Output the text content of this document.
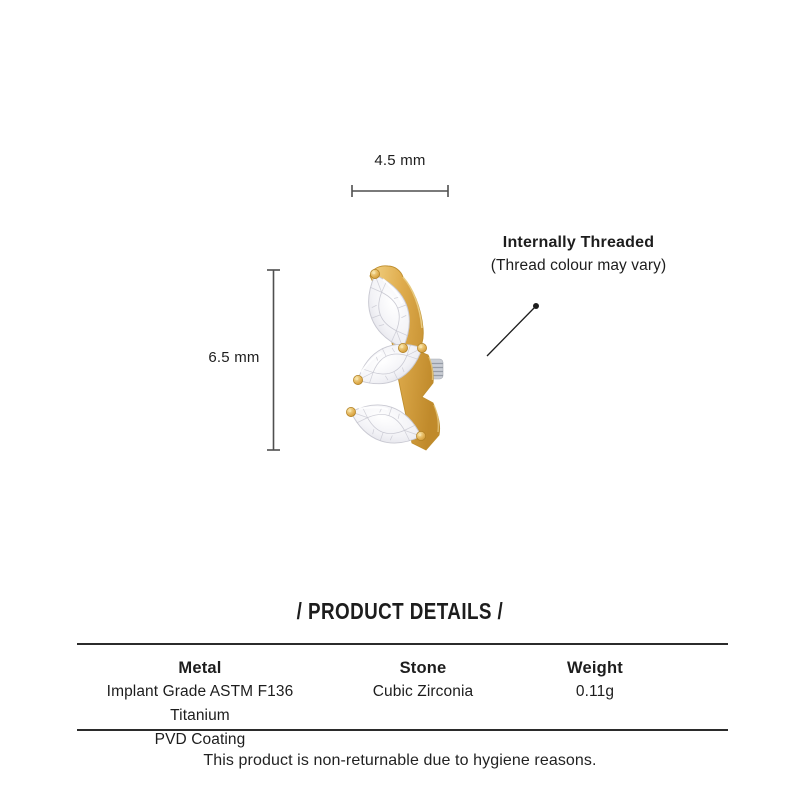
4.5 mm
6.5 mm
Internally Threaded
(Thread colour may vary)
/ PRODUCT DETAILS /
Metal
Implant Grade ASTM F136 Titanium
PVD Coating
Stone
Cubic Zirconia
Weight
0.11g
This product is non-returnable due to hygiene reasons.
